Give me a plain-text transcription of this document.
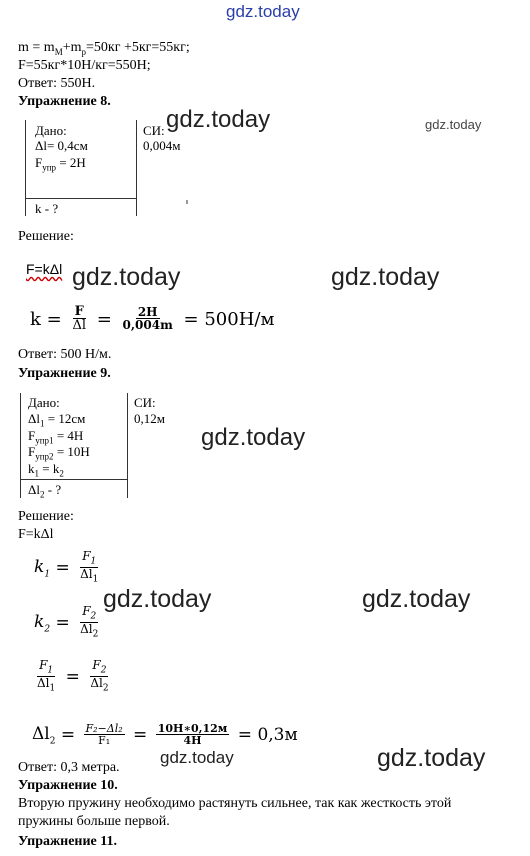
gdz.today
gdz.today	gdz.today
gdz.today	gdz.today
gdz.today
gdz.today	gdz.today
gdz.today	gdz.today
$m = m_М+m_р=50кг +5кг=55кг$;
F=55кг*10Н/кг=550Н;
Ответ: 550Н.
Упражнение 8.
Дано:
Δl= 0,4см
$F_{упр} = 2Н$
k - ?
СИ:
0,004м
Решение:
F=kΔl
$k = \frac{F}{\Delta l} = \frac{2Н}{0,004m} = 500Н/м$
Ответ: 500 Н/м.
Упражнение 9.
Дано:
$\Delta l_1 = 12см$
$F_{упр1} = 4Н$
$F_{упр2} = 10Н$
$k_1 = k_2$
$\Delta l_2$ - ?
СИ:
0,12м
Решение:
F=kΔl
$k_1 = \frac{F_1}{\Delta l_1}$
$k_2 = \frac{F_2}{\Delta l_2}$
$\frac{F_1}{\Delta l_1} = \frac{F_2}{\Delta l_2}$
$\Delta l_2 = \frac{\text{F₂−Δl₂}}{\text{F₁}} = \frac{10H∗0,12м}{4H} = 0,3м$
Ответ: 0,3 метра.
Упражнение 10.
Вторую пружину необходимо растянуть сильнее, так как жесткость этой
пружины больше первой.
Упражнение 11.
